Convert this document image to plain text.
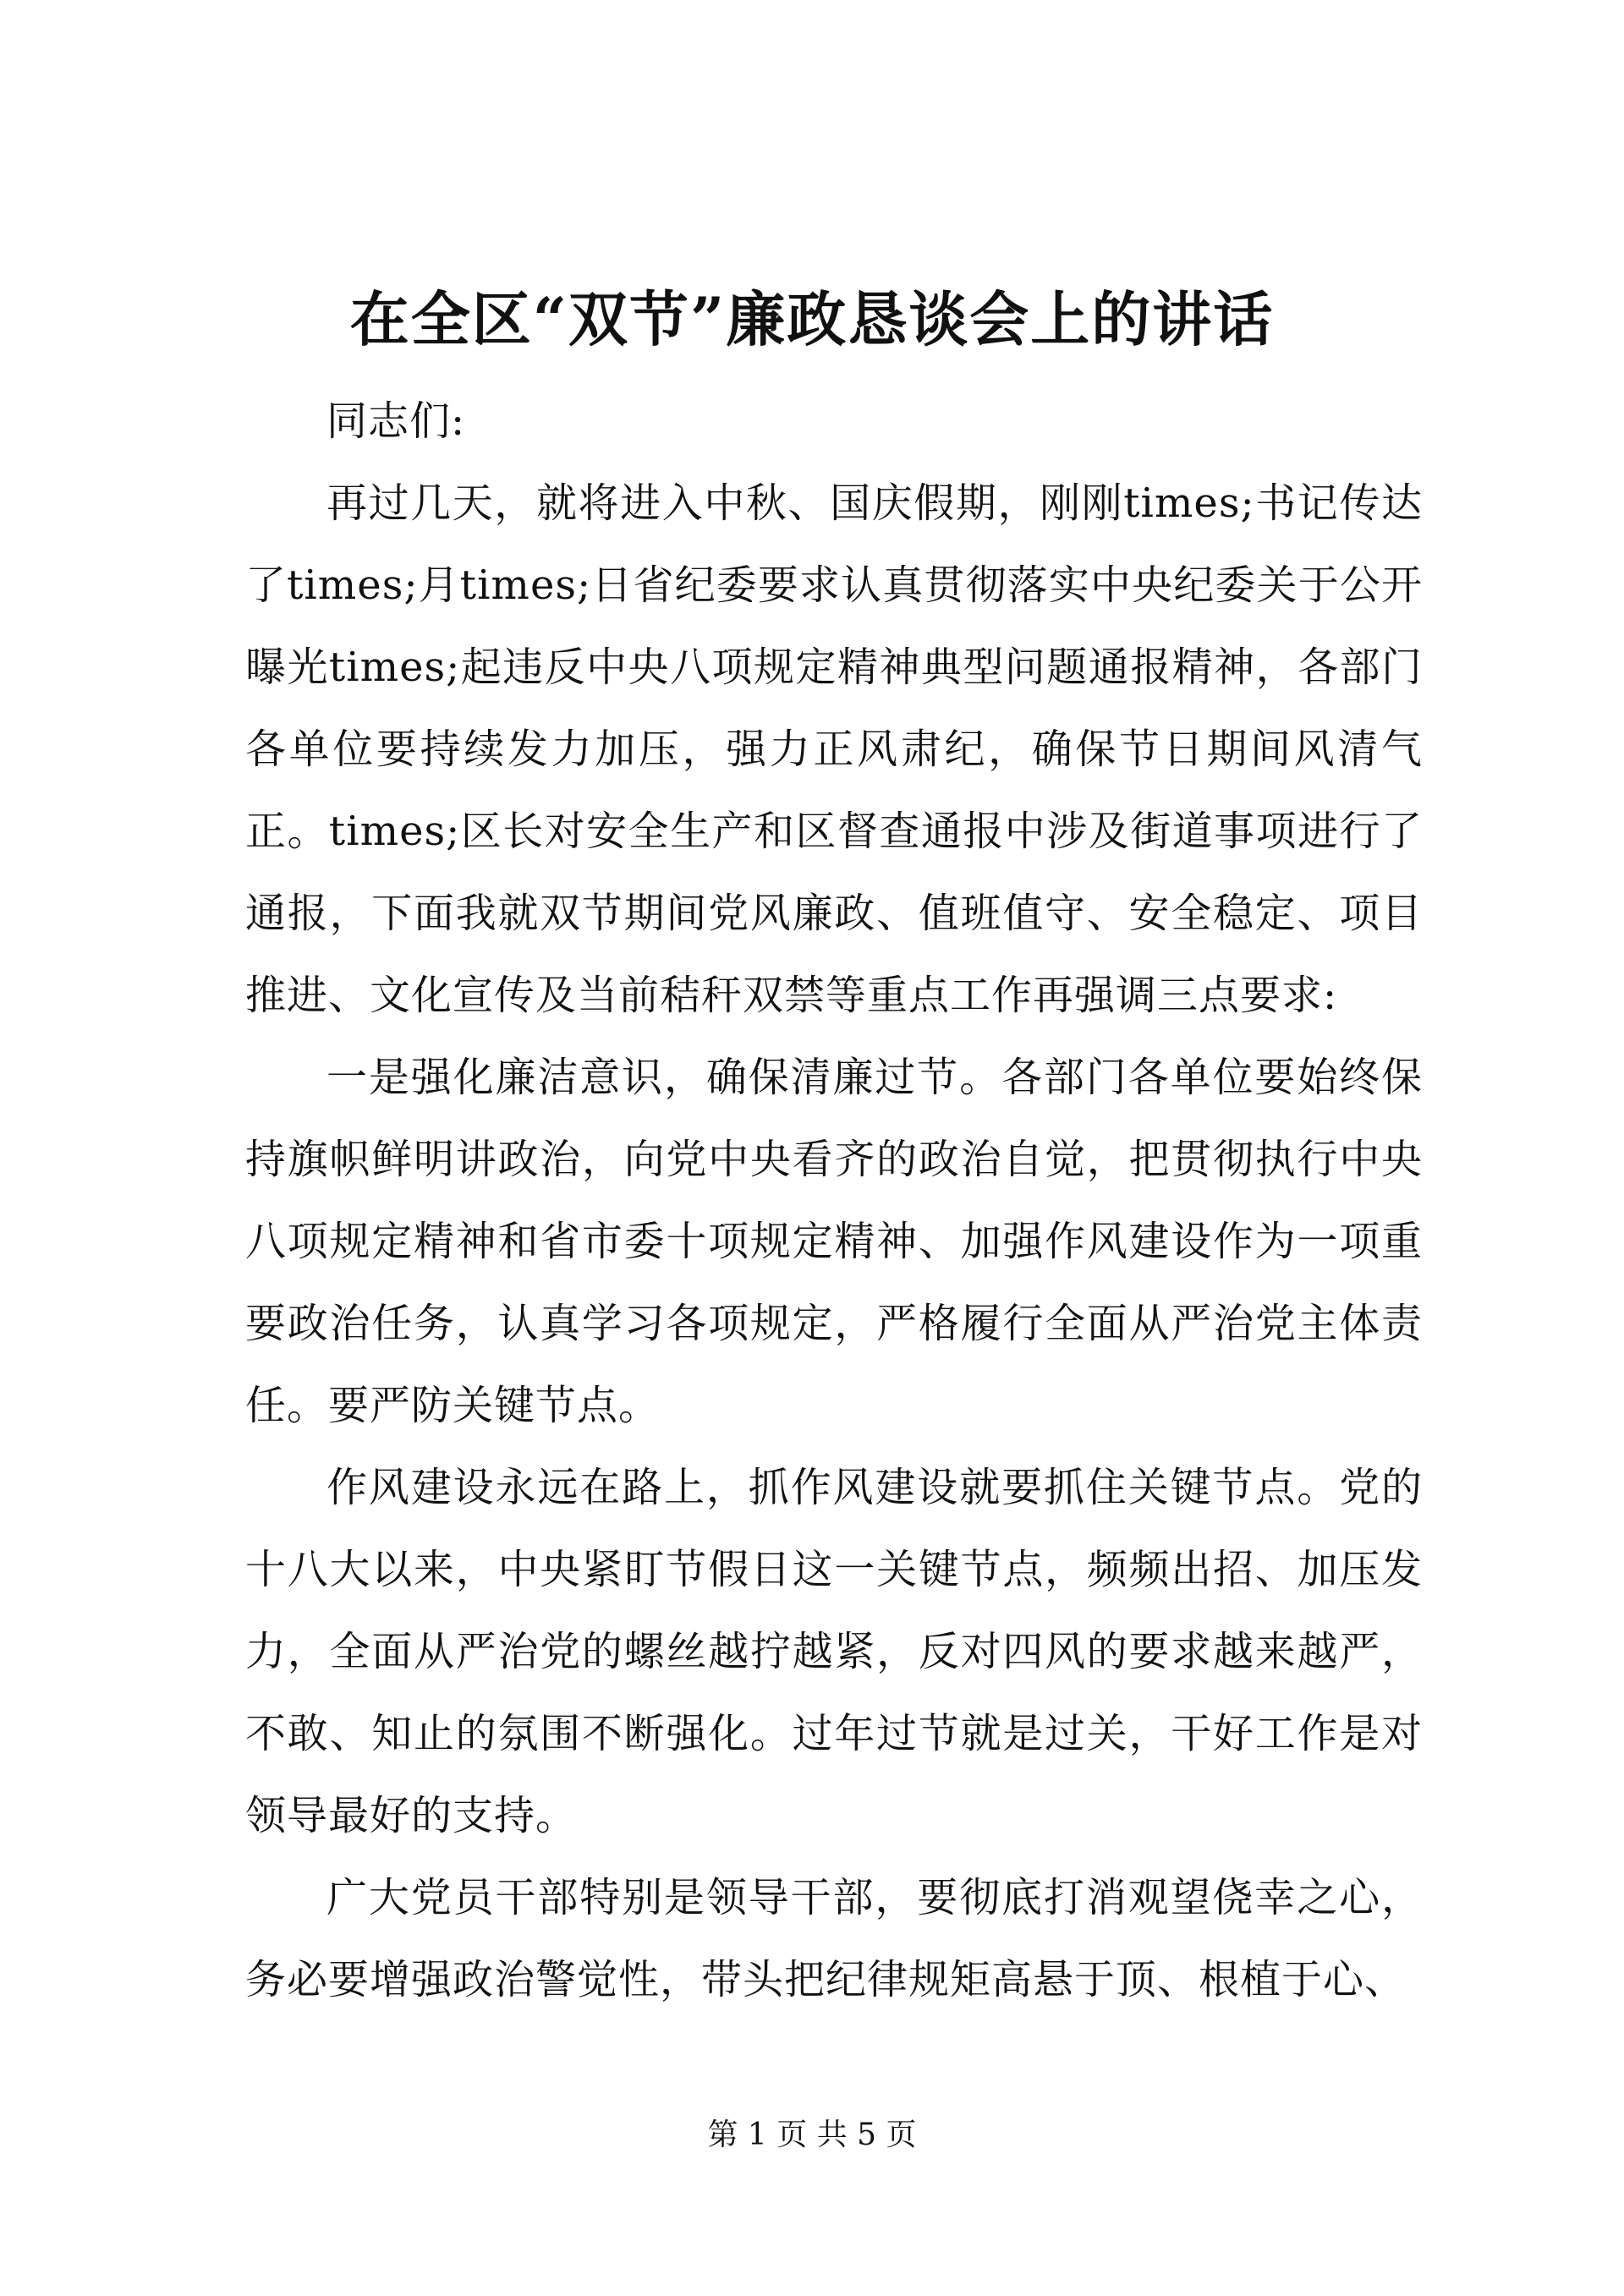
在全区“双节”廉政恳谈会上的讲话

同志们:

再过几天，就将进入中秋、国庆假期，刚刚times;书记传达了times;月times;日省纪委要求认真贯彻落实中央纪委关于公开曝光times;起违反中央八项规定精神典型问题通报精神，各部门各单位要持续发力加压，强力正风肃纪，确保节日期间风清气正。times;区长对安全生产和区督查通报中涉及街道事项进行了通报，下面我就双节期间党风廉政、值班值守、安全稳定、项目推进、文化宣传及当前秸秆双禁等重点工作再强调三点要求:

一是强化廉洁意识，确保清廉过节。各部门各单位要始终保持旗帜鲜明讲政治，向党中央看齐的政治自觉，把贯彻执行中央八项规定精神和省市委十项规定精神、加强作风建设作为一项重要政治任务，认真学习各项规定，严格履行全面从严治党主体责任。要严防关键节点。

作风建设永远在路上，抓作风建设就要抓住关键节点。党的十八大以来，中央紧盯节假日这一关键节点，频频出招、加压发力，全面从严治党的螺丝越拧越紧，反对四风的要求越来越严，不敢、知止的氛围不断强化。过年过节就是过关，干好工作是对领导最好的支持。

广大党员干部特别是领导干部，要彻底打消观望侥幸之心，务必要增强政治警觉性，带头把纪律规矩高悬于顶、根植于心、

第 1 页 共 5 页
